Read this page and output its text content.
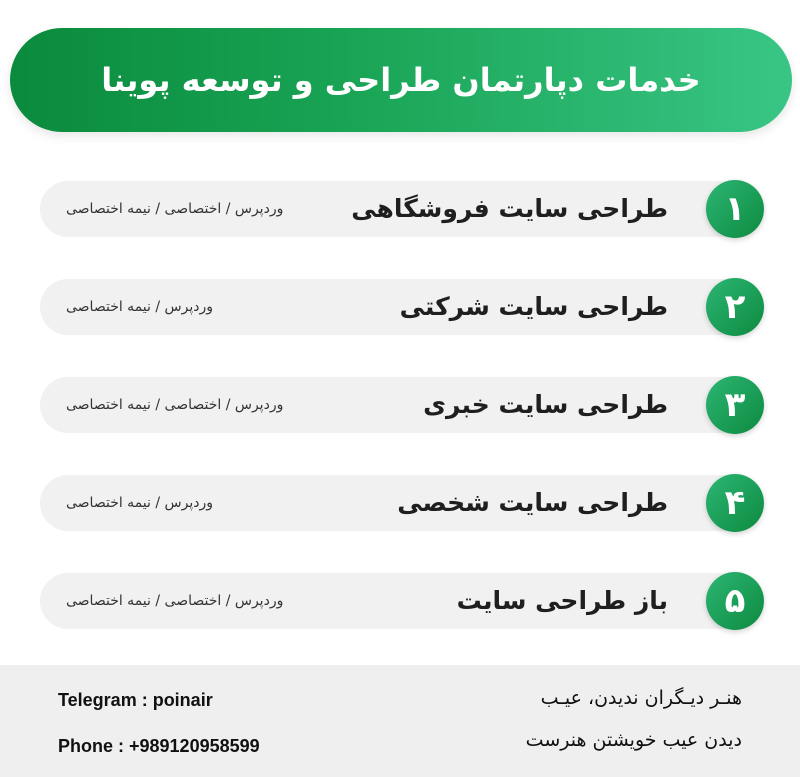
خدمات دپارتمان طراحی و توسعه پوینا
طراحی سایت فروشگاهی
وردپرس / اختصاصی / نیمه اختصاصی	۱
طراحی سایت شرکتی
وردپرس / نیمه اختصاصی	۲
طراحی سایت خبری
وردپرس / اختصاصی / نیمه اختصاصی	۳
طراحی سایت شخصی
وردپرس / نیمه اختصاصی	۴
باز طراحی سایت
وردپرس / اختصاصی / نیمه اختصاصی	۵
Telegram : poinair
Phone : +989120958599
هنـر دیـگران ندیدن، عیـب
دیدن عیب خویشتن هنرست
